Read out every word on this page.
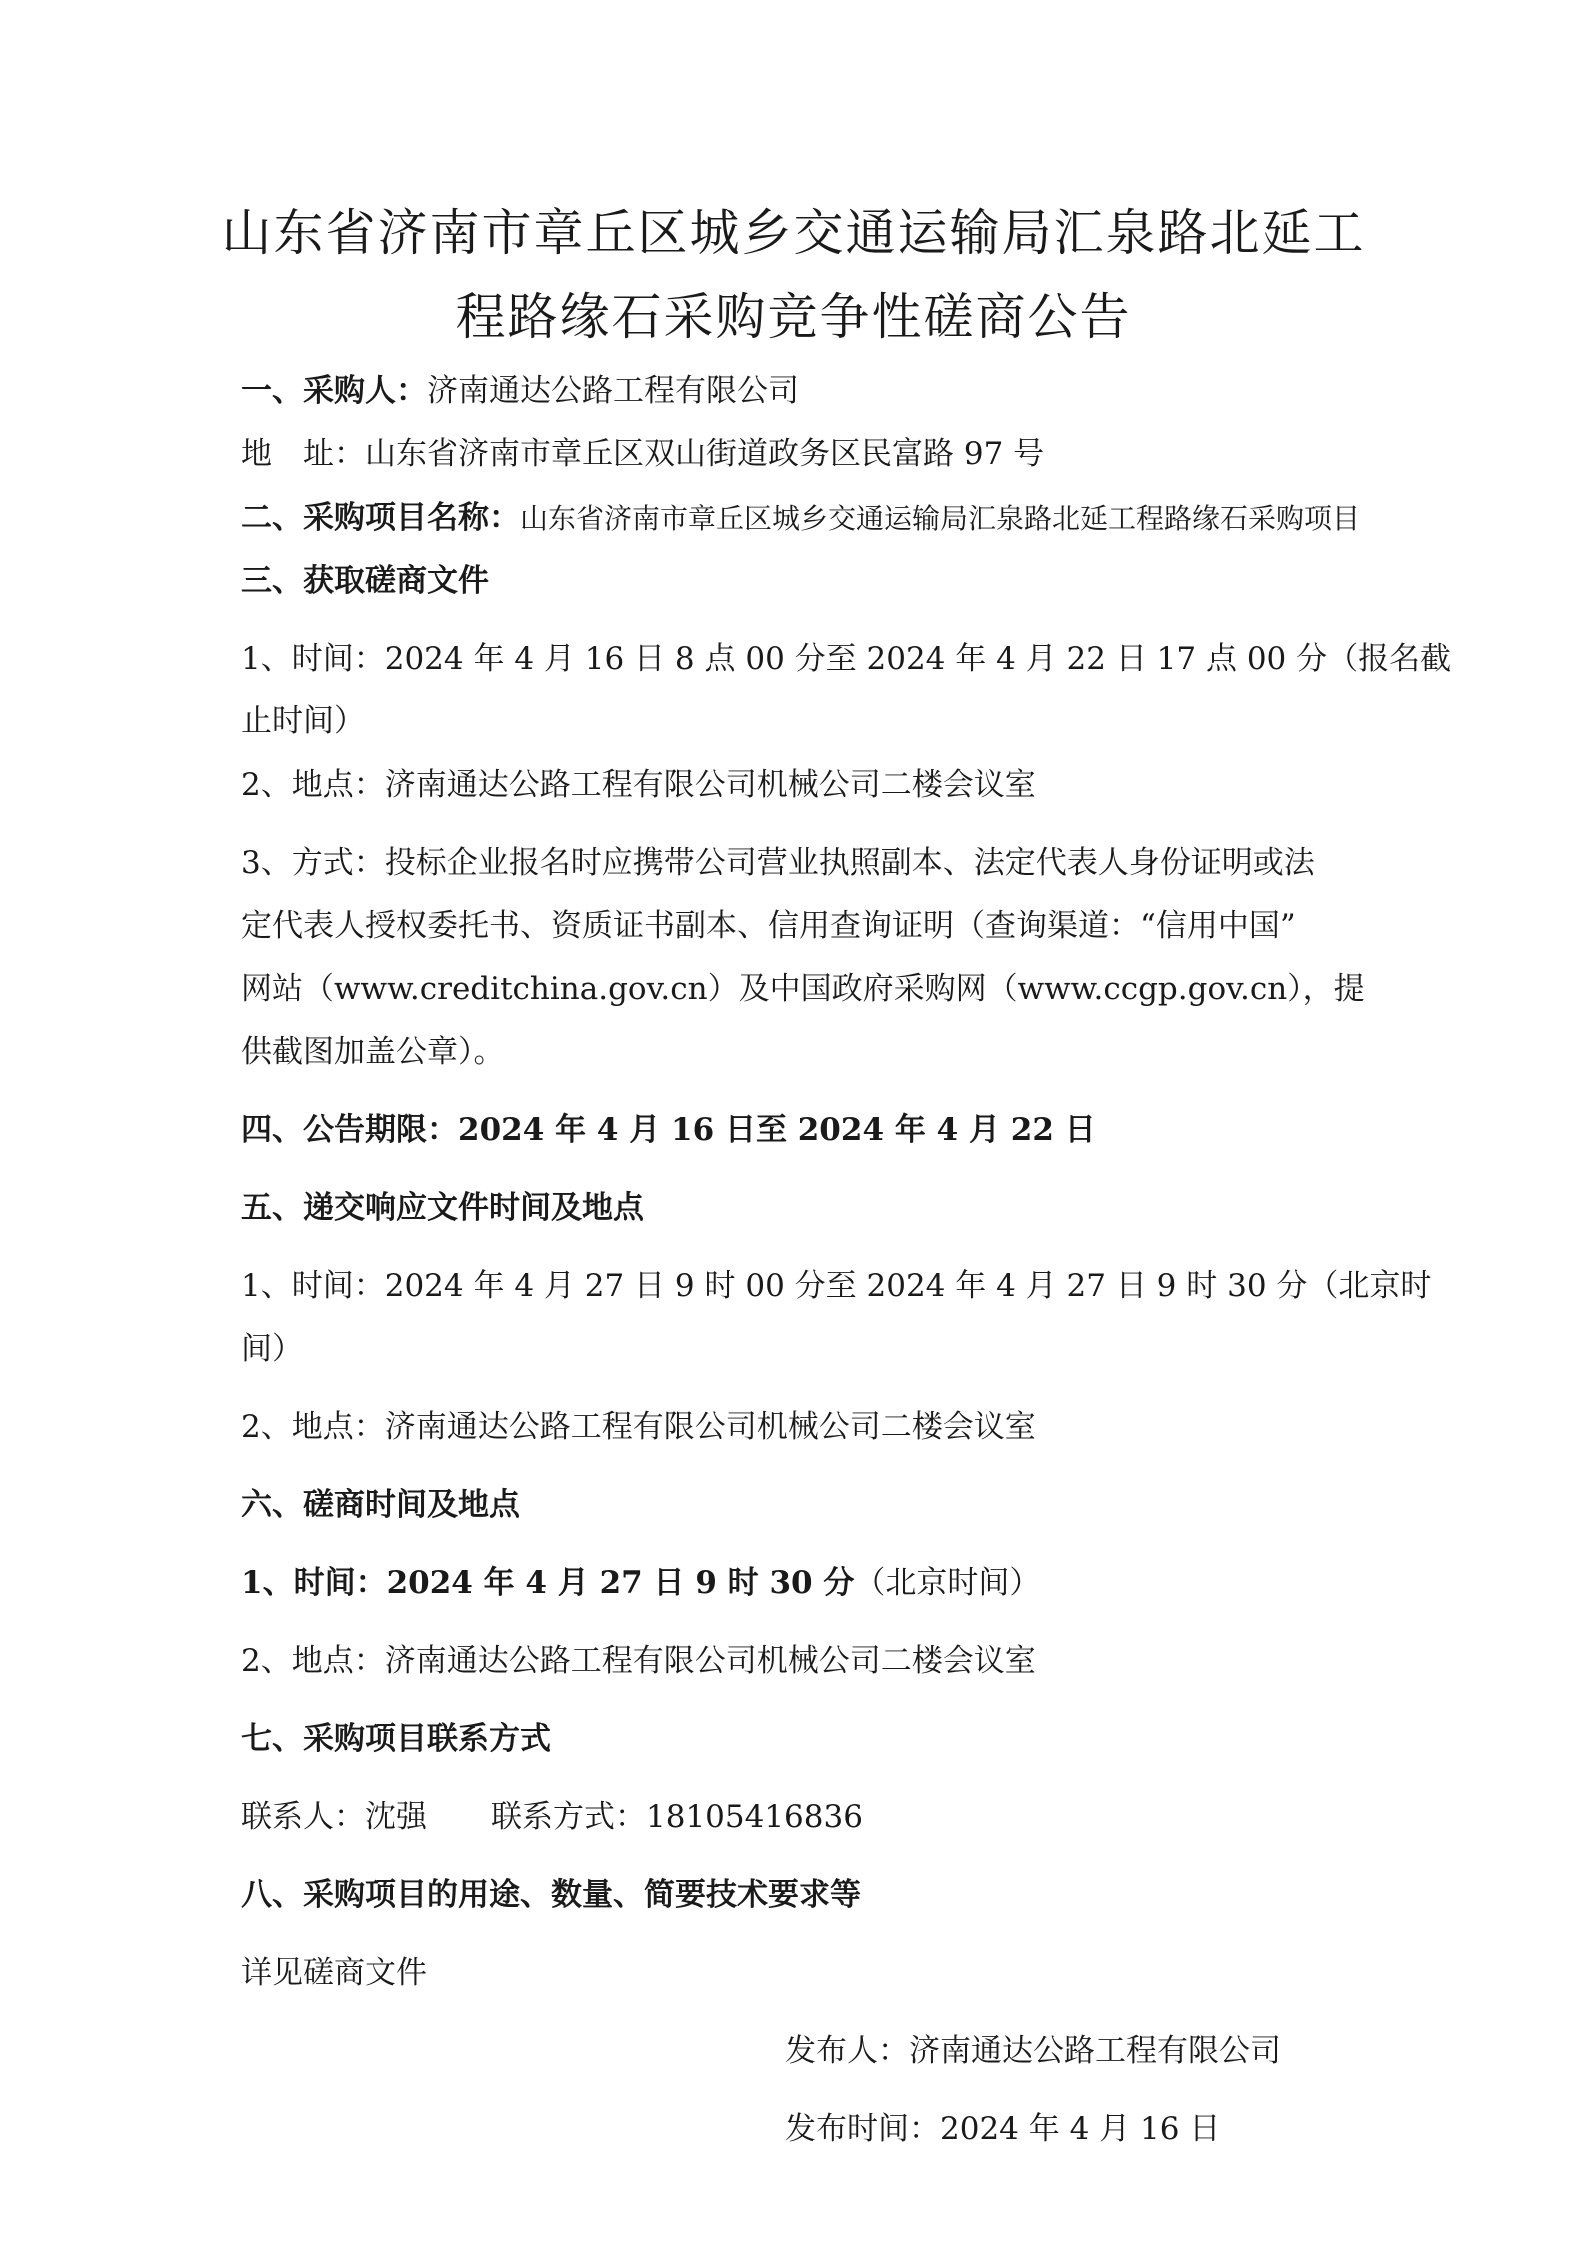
山东省济南市章丘区城乡交通运输局汇泉路北延工
程路缘石采购竞争性磋商公告
一、采购人：济南通达公路工程有限公司
地　址：山东省济南市章丘区双山街道政务区民富路 97 号
二、采购项目名称：山东省济南市章丘区城乡交通运输局汇泉路北延工程路缘石采购项目
三、获取磋商文件
1、时间：2024 年 4 月 16 日 8 点 00 分至 2024 年 4 月 22 日 17 点 00 分（报名截
止时间）
2、地点：济南通达公路工程有限公司机械公司二楼会议室
3、方式：投标企业报名时应携带公司营业执照副本、法定代表人身份证明或法
定代表人授权委托书、资质证书副本、信用查询证明（查询渠道：“信用中国”
网站（www.creditchina.gov.cn）及中国政府采购网（www.ccgp.gov.cn），提
供截图加盖公章）。
四、公告期限：2024 年 4 月 16 日至 2024 年 4 月 22 日
五、递交响应文件时间及地点
1、时间：2024 年 4 月 27 日 9 时 00 分至 2024 年 4 月 27 日 9 时 30 分（北京时
间）
2、地点：济南通达公路工程有限公司机械公司二楼会议室
六、磋商时间及地点
1、时间：2024 年 4 月 27 日 9 时 30 分（北京时间）
2、地点：济南通达公路工程有限公司机械公司二楼会议室
七、采购项目联系方式
联系人：沈强 联系方式：18105416836
八、采购项目的用途、数量、简要技术要求等
详见磋商文件
发布人：济南通达公路工程有限公司
发布时间：2024 年 4 月 16 日
